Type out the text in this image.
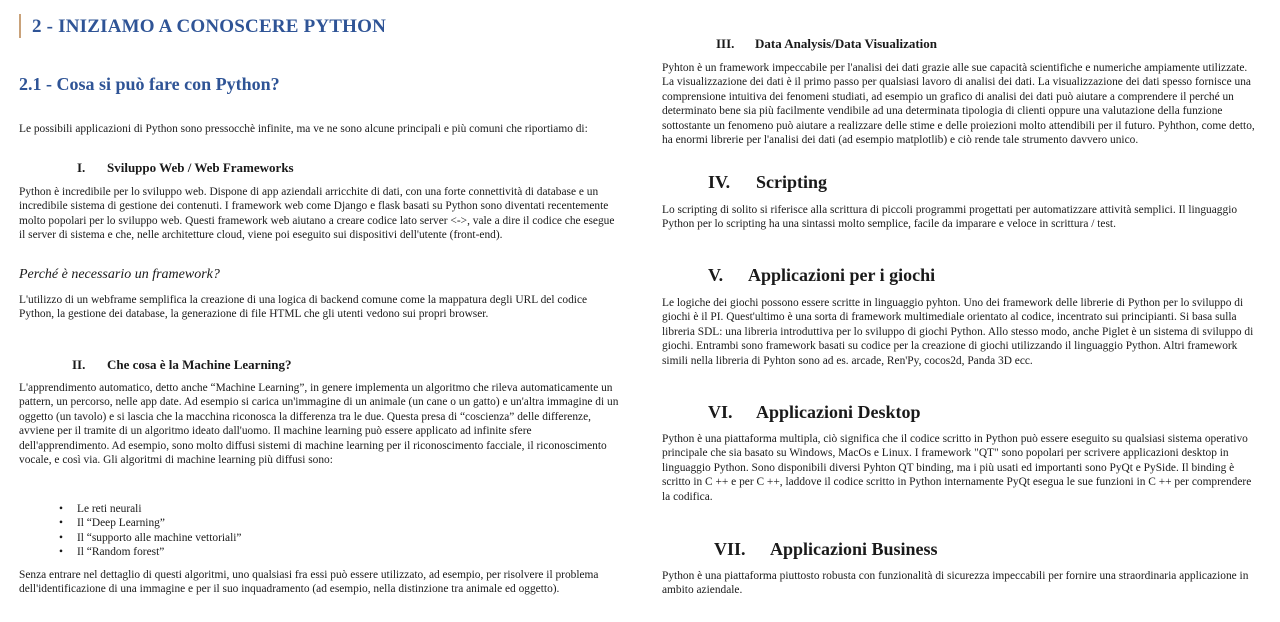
2 - INIZIAMO A CONOSCERE PYTHON
2.1 - Cosa si può fare con Python?

Le possibili applicazioni di Python sono pressocchè infinite, ma ve ne sono alcune principali e più comuni che riportiamo di:

I. Sviluppo Web / Web Frameworks

Python è incredibile per lo sviluppo web. Dispone di app aziendali arricchite di dati, con una forte connettività di database e un incredibile sistema di gestione dei contenuti. I framework web come Django e flask basati su Python sono diventati recentemente molto popolari per lo sviluppo web. Questi framework web aiutano a creare codice lato server <->, vale a dire il codice che esegue il server di sistema e che, nelle architetture cloud, viene poi eseguito sui dispositivi dell'utente (front-end).

Perché è necessario un framework?

L'utilizzo di un webframe semplifica la creazione di una logica di backend comune come la mappatura degli URL del codice Python, la gestione dei database, la generazione di file HTML che gli utenti vedono sui propri browser.

II. Che cosa è la Machine Learning?

L'apprendimento automatico, detto anche “Machine Learning”, in genere implementa un algoritmo che rileva automaticamente un pattern, un percorso, nelle app date. Ad esempio si carica un'immagine di un animale (un cane o un gatto) e un'altra immagine di un oggetto (un tavolo) e si lascia che la macchina riconosca la differenza tra le due. Questa presa di “coscienza” delle differenze, avviene per il tramite di un algoritmo ideato dall'uomo. Il machine learning può essere applicato ad infinite sfere dell'apprendimento. Ad esempio, sono molto diffusi sistemi di machine learning per il riconoscimento facciale, il riconoscimento vocale, e così via. Gli algoritmi di machine learning più diffusi sono:

• Le reti neurali
• Il “Deep Learning”
• Il “supporto alle machine vettoriali”
• Il “Random forest”

Senza entrare nel dettaglio di questi algoritmi, uno qualsiasi fra essi può essere utilizzato, ad esempio, per risolvere il problema dell'identificazione di una immagine e per il suo inquadramento (ad esempio, nella distinzione tra animale ed oggetto).

III. Data Analysis/Data Visualization

Pyhton è un framework impeccabile per l'analisi dei dati grazie alle sue capacità scientifiche e numeriche ampiamente utilizzate. La visualizzazione dei dati è il primo passo per qualsiasi lavoro di analisi dei dati. La visualizzazione dei dati spesso fornisce una comprensione intuitiva dei fenomeni studiati, ad esempio un grafico di analisi dei dati può aiutare a comprendere il perché un determinato bene sia più facilmente vendibile ad una determinata tipologia di clienti oppure una valutazione della funzione sottostante un fenomeno può aiutare a realizzare delle stime e delle proiezioni molto attendibili per il futuro. Pyhthon, come detto, ha enormi librerie per l'analisi dei dati (ad esempio matplotlib) e ciò rende tale strumento davvero unico.

IV. Scripting

Lo scripting di solito si riferisce alla scrittura di piccoli programmi progettati per automatizzare attività semplici. Il linguaggio Python per lo scripting ha una sintassi molto semplice, facile da imparare e veloce in scrittura / test.

V. Applicazioni per i giochi

Le logiche dei giochi possono essere scritte in linguaggio pyhton. Uno dei framework delle librerie di Python per lo sviluppo di giochi è il PI. Quest'ultimo è una sorta di framework multimediale orientato al codice, incentrato sui principianti. Si basa sulla libreria SDL: una libreria introduttiva per lo sviluppo di giochi Python. Allo stesso modo, anche Piglet è un sistema di sviluppo di giochi. Entrambi sono framework basati su codice per la creazione di giochi utilizzando il linguaggio Python. Altri framework simili nella libreria di Pyhton sono ad es. arcade, Ren'Py, cocos2d, Panda 3D ecc.

VI. Applicazioni Desktop

Python è una piattaforma multipla, ciò significa che il codice scritto in Python può essere eseguito su qualsiasi sistema operativo principale che sia basato su Windows, MacOs e Linux. I framework "QT" sono popolari per scrivere applicazioni desktop in linguaggio Python. Sono disponibili diversi Pyhton QT binding, ma i più usati ed importanti sono PyQt e PySide. Il binding è scritto in C ++ e per C ++, laddove il codice scritto in Python internamente PyQt esegua le sue funzioni in C ++ per comprendere la codifica.

VII. Applicazioni Business

Python è una piattaforma piuttosto robusta con funzionalità di sicurezza impeccabili per fornire una straordinaria applicazione in ambito aziendale.
